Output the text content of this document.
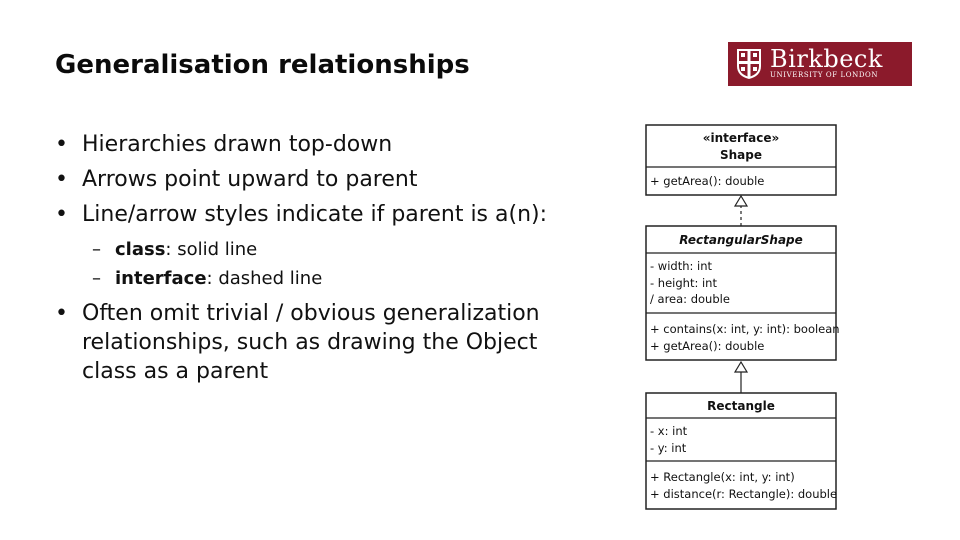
Generalisation relationships	Birkbeck
UNIVERSITY OF LONDON
• Hierarchies drawn top-down
• Arrows point upward to parent
• Line/arrow styles indicate if parent is a(n):
– class: solid line
– interface: dashed line
• Often omit trivial / obvious generalization relationships, such as drawing the Object class as a parent
«interface»
Shape
+ getArea(): double
RectangularShape
- width: int
- height: int
/ area: double
+ contains(x: int, y: int): boolean
+ getArea(): double
Rectangle
- x: int
- y: int
+ Rectangle(x: int, y: int)
+ distance(r: Rectangle): double
